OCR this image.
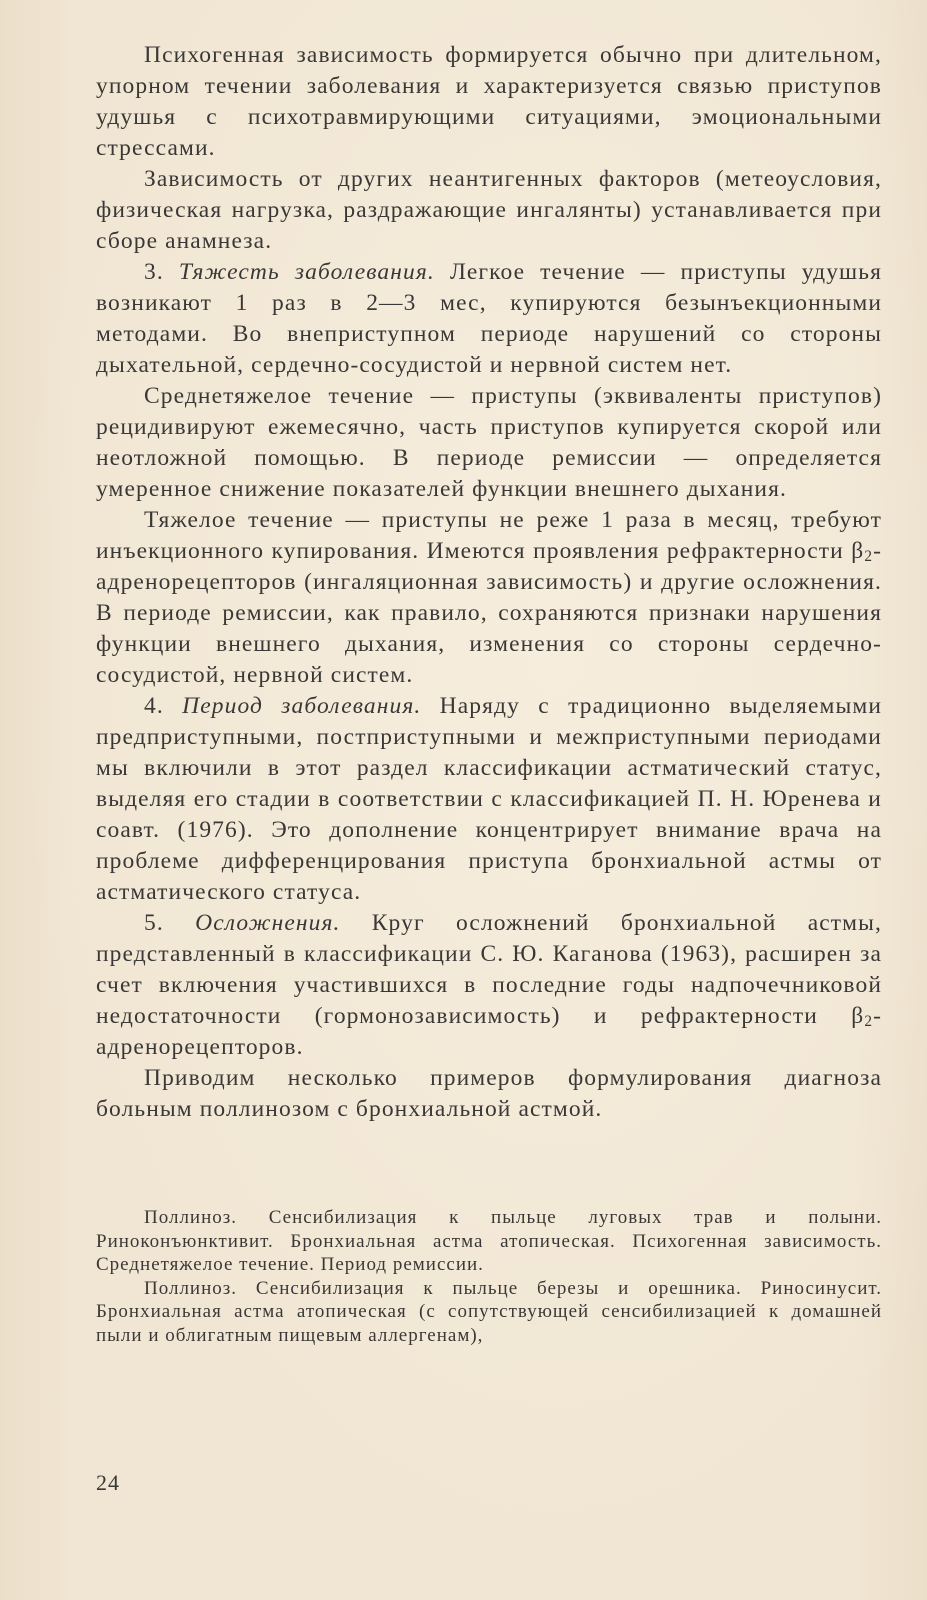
Психогенная зависимость формируется обычно при длительном, упорном течении заболевания и характеризуется связью приступов удушья с психотравмирующими ситуациями, эмоциональными стрессами.

Зависимость от других неантигенных факторов (метеоусловия, физическая нагрузка, раздражающие ингалянты) устанавливается при сборе анамнеза.

3. Тяжесть заболевания. Легкое течение — приступы удушья возникают 1 раз в 2—3 мес, купируются безынъекционными методами. Во внеприступном периоде нарушений со стороны дыхательной, сердечно-сосудистой и нервной систем нет.

Среднетяжелое течение — приступы (эквиваленты приступов) рецидивируют ежемесячно, часть приступов купируется скорой или неотложной помощью. В периоде ремиссии — определяется умеренное снижение показателей функции внешнего дыхания.

Тяжелое течение — приступы не реже 1 раза в месяц, требуют инъекционного купирования. Имеются проявления рефрактерности $\beta_2$-адренорецепторов (ингаляционная зависимость) и другие осложнения. В периоде ремиссии, как правило, сохраняются признаки нарушения функции внешнего дыхания, изменения со стороны сердечно-сосудистой, нервной систем.

4. Период заболевания. Наряду с традиционно выделяемыми предприступными, постприступными и межприступными периодами мы включили в этот раздел классификации астматический статус, выделяя его стадии в соответствии с классификацией П. Н. Юренева и соавт. (1976). Это дополнение концентрирует внимание врача на проблеме дифференцирования приступа бронхиальной астмы от астматического статуса.

5. Осложнения. Круг осложнений бронхиальной астмы, представленный в классификации С. Ю. Каганова (1963), расширен за счет включения участившихся в последние годы надпочечниковой недостаточности (гормонозависимость) и рефрактерности $\beta_2$-адренорецепторов.

Приводим несколько примеров формулирования диагноза больным поллинозом с бронхиальной астмой.

Поллиноз. Сенсибилизация к пыльце луговых трав и полыни. Риноконъюнктивит. Бронхиальная астма атопическая. Психогенная зависимость. Среднетяжелое течение. Период ремиссии.

Поллиноз. Сенсибилизация к пыльце березы и орешника. Риносинусит. Бронхиальная астма атопическая (с сопутствующей сенсибилизацией к домашней пыли и облигатным пищевым аллергенам),

24
